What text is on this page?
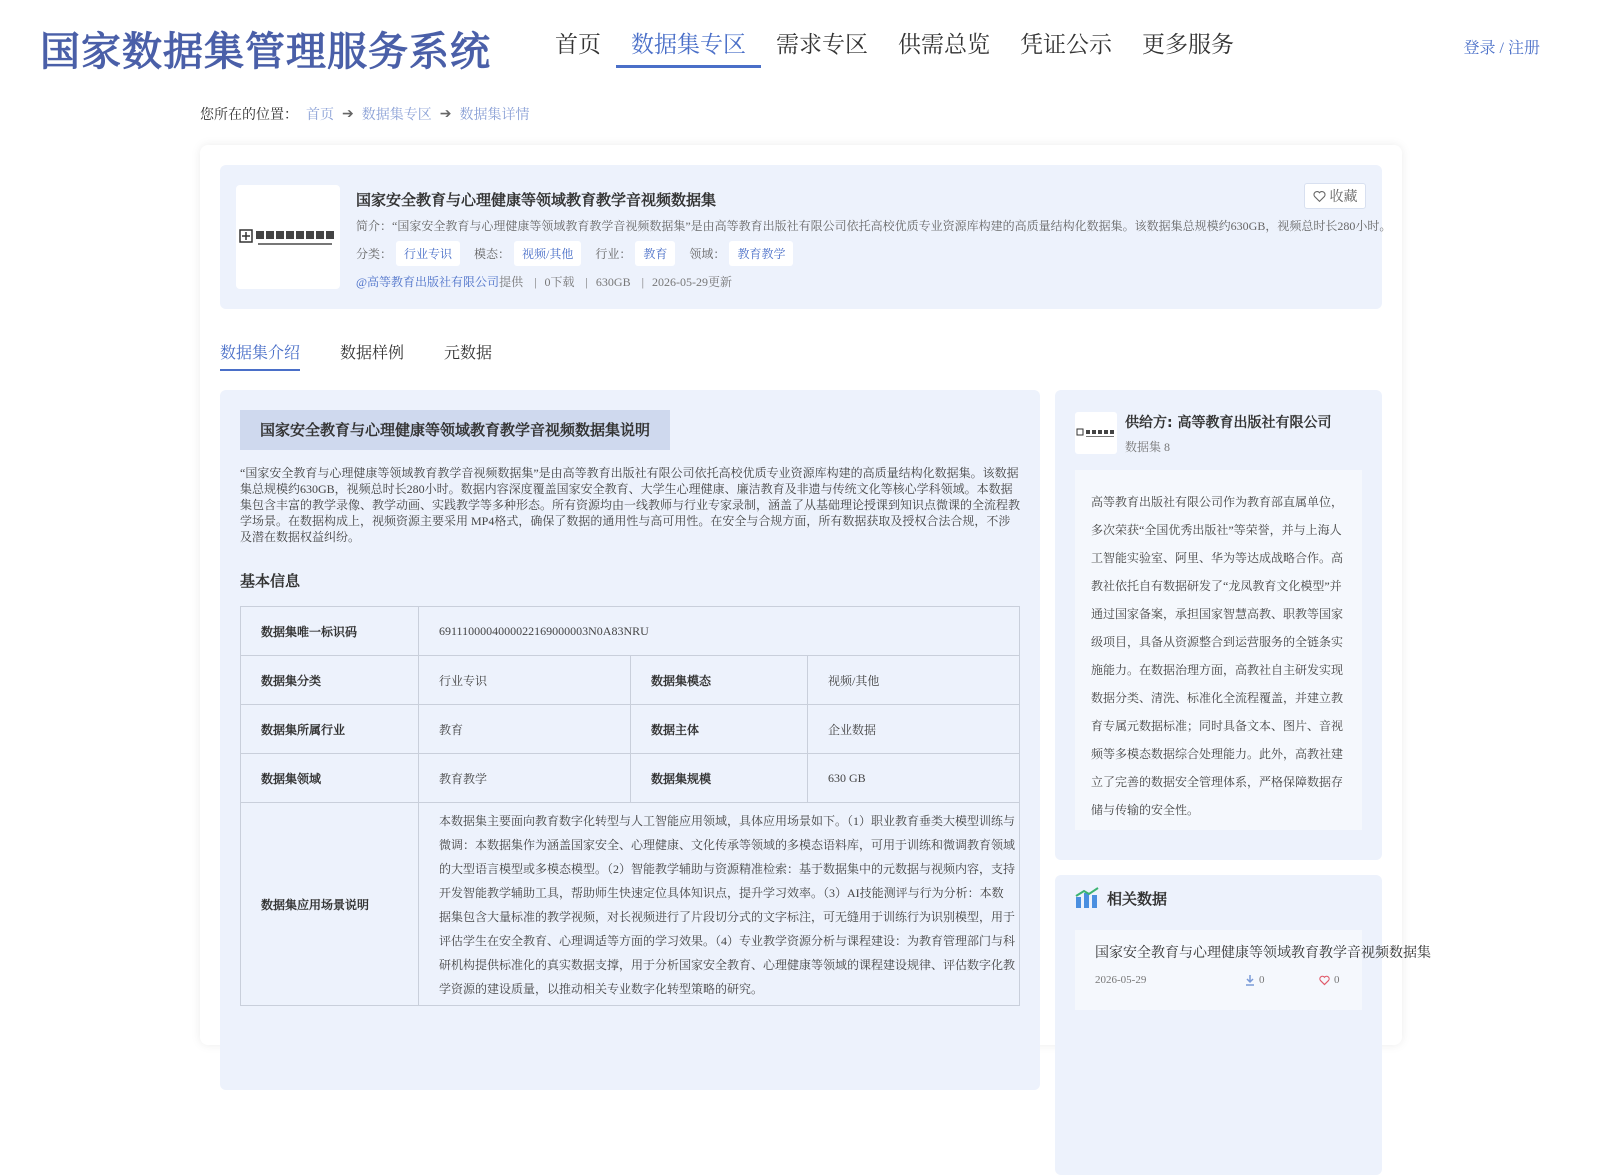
国家数据集管理服务系统	首页	数据集专区	需求专区	供需总览	凭证公示	更多服务	登录 / 注册
您所在的位置： 首页 ➔ 数据集专区 ➔ 数据集详情
国家安全教育与心理健康等领域教育教学音视频数据集
简介：“国家安全教育与心理健康等领域教育教学音视频数据集”是由高等教育出版社有限公司依托高校优质专业资源库构建的高质量结构化数据集。该数据集总规模约630GB，视频总时长280小时。
分类：	行业专识	模态：	视频/其他	行业：	教育	领域：	教育教学
@高等教育出版社有限公司提供 | 0下载 | 630GB | 2026-05-29更新
收藏
数据集介绍	数据样例	元数据
国家安全教育与心理健康等领域教育教学音视频数据集说明
“国家安全教育与心理健康等领域教育教学音视频数据集”是由高等教育出版社有限公司依托高校优质专业资源库构建的高质量结构化数据集。该数据集总规模约630GB，视频总时长280小时。数据内容深度覆盖国家安全教育、大学生心理健康、廉洁教育及非遗与传统文化等核心学科领域。本数据集包含丰富的教学录像、教学动画、实践教学等多种形态。所有资源均由一线教师与行业专家录制，涵盖了从基础理论授课到知识点微课的全流程教学场景。在数据构成上，视频资源主要采用 MP4格式，确保了数据的通用性与高可用性。在安全与合规方面，所有数据获取及授权合法合规，不涉及潜在数据权益纠纷。
基本信息
数据集唯一标识码	6911100004000022169000003N0A83NRU		
数据集分类	行业专识	数据集模态	视频/其他
数据集所属行业	教育	数据主体	企业数据
数据集领域	教育教学	数据集规模	630 GB
数据集应用场景说明	本数据集主要面向教育数字化转型与人工智能应用领域，具体应用场景如下。（1）职业教育垂类大模型训练与微调：本数据集作为涵盖国家安全、心理健康、文化传承等领域的多模态语料库，可用于训练和微调教育领域的大型语言模型或多模态模型。（2）智能教学辅助与资源精准检索：基于数据集中的元数据与视频内容，支持开发智能教学辅助工具，帮助师生快速定位具体知识点，提升学习效率。（3）AI技能测评与行为分析：本数据集包含大量标准的教学视频，对长视频进行了片段切分式的文字标注，可无缝用于训练行为识别模型，用于评估学生在安全教育、心理调适等方面的学习效果。（4）专业教学资源分析与课程建设：为教育管理部门与科研机构提供标准化的真实数据支撑，用于分析国家安全教育、心理健康等领域的课程建设规律、评估数字化教学资源的建设质量，以推动相关专业数字化转型策略的研究。		
供给方: 高等教育出版社有限公司
数据集 8
高等教育出版社有限公司作为教育部直属单位，多次荣获“全国优秀出版社”等荣誉，并与上海人工智能实验室、阿里、华为等达成战略合作。高教社依托自有数据研发了“龙凤教育文化模型”并通过国家备案，承担国家智慧高教、职教等国家级项目，具备从资源整合到运营服务的全链条实施能力。在数据治理方面，高教社自主研发实现数据分类、清洗、标准化全流程覆盖，并建立教育专属元数据标准；同时具备文本、图片、音视频等多模态数据综合处理能力。此外，高教社建立了完善的数据安全管理体系，严格保障数据存储与传输的安全性。
相关数据
国家安全教育与心理健康等领域教育教学音视频数据集
2026-05-29	0	0
